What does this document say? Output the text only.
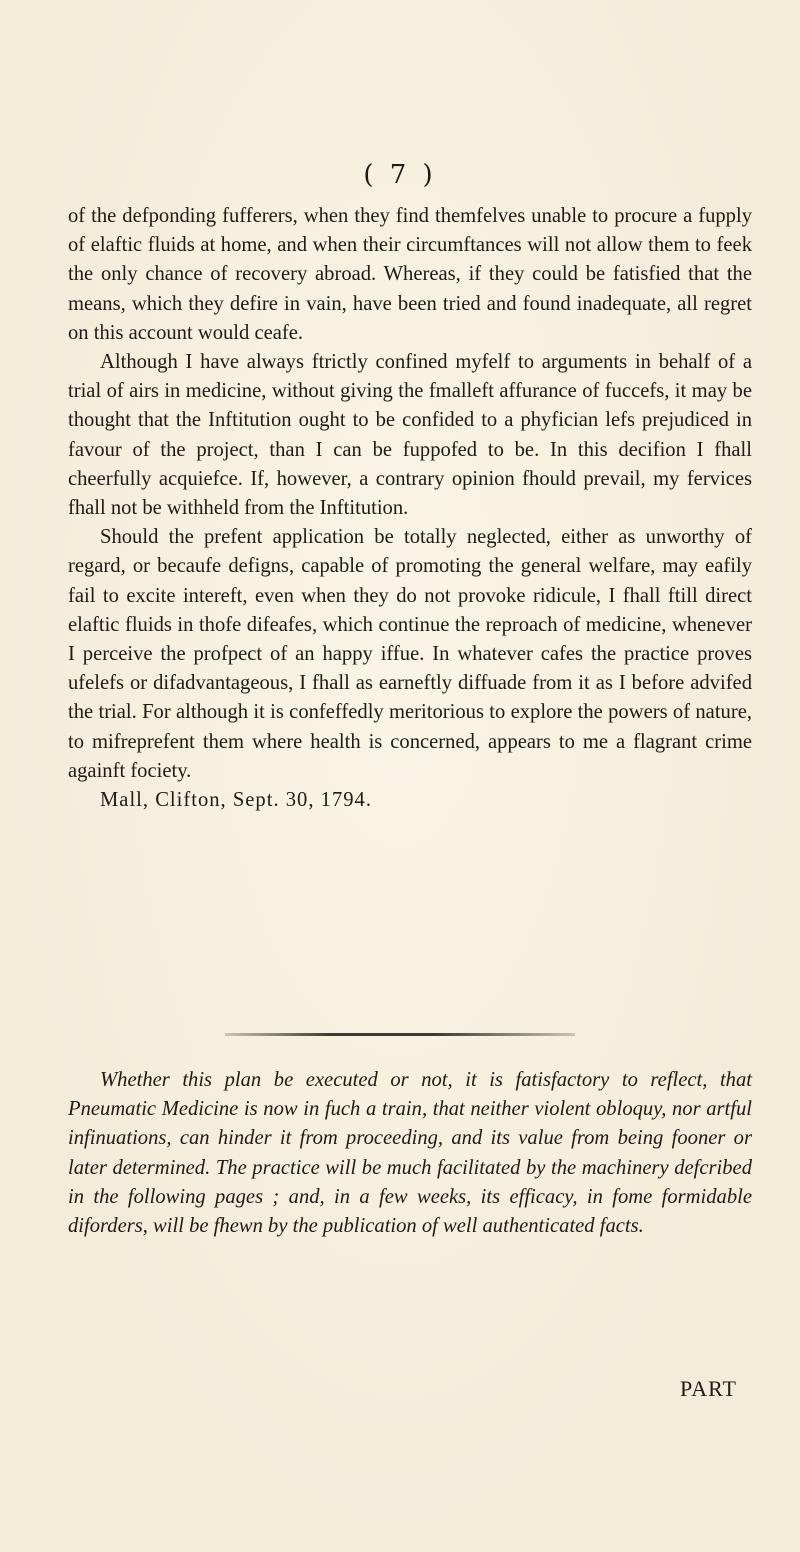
( 7 )

of the defponding fufferers, when they find themfelves unable to procure a fupply of elaftic fluids at home, and when their circumftances will not allow them to feek the only chance of recovery abroad. Whereas, if they could be fatisfied that the means, which they defire in vain, have been tried and found inadequate, all regret on this account would ceafe.

Although I have always ftrictly confined myfelf to arguments in behalf of a trial of airs in medicine, without giving the fmalleft affurance of fuccefs, it may be thought that the Inftitution ought to be confided to a phyfician lefs prejudiced in favour of the project, than I can be fuppofed to be. In this decifion I fhall cheerfully acquiefce. If, however, a contrary opinion fhould prevail, my fervices fhall not be withheld from the Inftitution.

Should the prefent application be totally neglected, either as unworthy of regard, or becaufe defigns, capable of promoting the general welfare, may eafily fail to excite intereft, even when they do not provoke ridicule, I fhall ftill direct elaftic fluids in thofe difeafes, which continue the reproach of medicine, whenever I perceive the profpect of an happy iffue. In whatever cafes the practice proves ufelefs or difadvantageous, I fhall as earneftly diffuade from it as I before advifed the trial. For although it is confeffedly meritorious to explore the powers of nature, to mifreprefent them where health is concerned, appears to me a flagrant crime againft fociety.

Mall, Clifton, Sept. 30, 1794.

Whether this plan be executed or not, it is fatisfactory to reflect, that Pneumatic Medicine is now in fuch a train, that neither violent obloquy, nor artful infinuations, can hinder it from proceeding, and its value from being fooner or later determined. The practice will be much facilitated by the machinery defcribed in the following pages ; and, in a few weeks, its efficacy, in fome formidable diforders, will be fhewn by the publication of well authenticated facts.

PART
